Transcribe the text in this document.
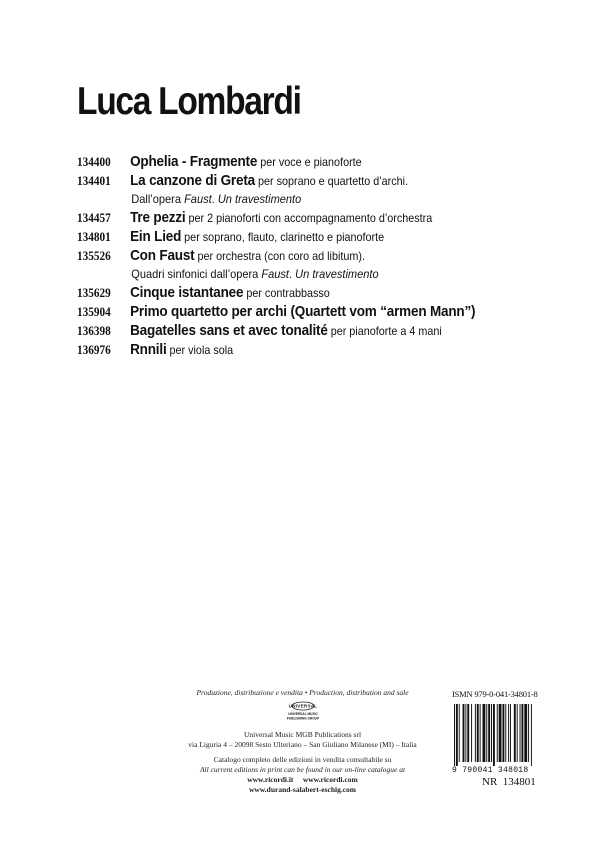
Luca Lombardi
134400 Ophelia - Fragmente per voce e pianoforte
134401 La canzone di Greta per soprano e quartetto d’archi.
Dall’opera Faust. Un travestimento
134457 Tre pezzi per 2 pianoforti con accompagnamento d’orchestra
134801 Ein Lied per soprano, flauto, clarinetto e pianoforte
135526 Con Faust per orchestra (con coro ad libitum).
Quadri sinfonici dall’opera Faust. Un travestimento
135629 Cinque istantanee per contrabbasso
135904 Primo quartetto per archi (Quartett vom “armen Mann”)
136398 Bagatelles sans et avec tonalité per pianoforte a 4 mani
136976 Rnnili per viola sola
Produzione, distribuzione e vendita • Production, distribution and sale
UNIVERSAL
UNIVERSAL MUSIC
PUBLISHING GROUP
Universal Music MGB Publications srl
via Liguria 4 – 20098 Sesto Ulteriano – San Giuliano Milanese (MI) – Italia
Catalogo completo delle edizioni in vendita consultabile su
All current editions in print can be found in our on-line catalogue at
www.ricordi.it www.ricordi.com
www.durand-salabert-eschig.com
ISMN 979-0-041-34801-8
9 790041 348018
NR 134801
